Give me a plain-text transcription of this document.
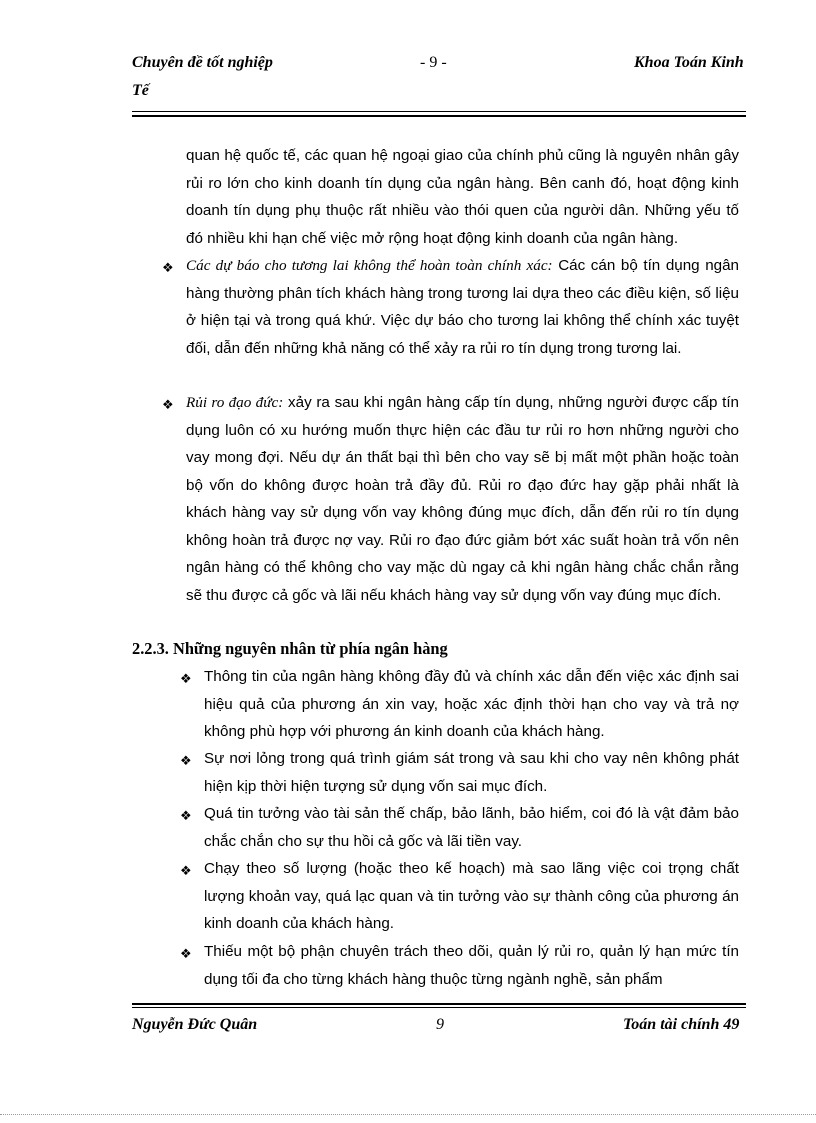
Chuyên đề tốt nghiệp	- 9 -	Khoa Toán Kinh
Tế
quan hệ quốc tế, các quan hệ ngoại giao của chính phủ cũng là nguyên nhân gây rủi ro lớn cho kinh doanh tín dụng của ngân hàng. Bên canh đó, hoạt động kinh doanh tín dụng phụ thuộc rất nhiều vào thói quen của người dân. Những yếu tố đó nhiều khi hạn chế việc mở rộng hoạt động kinh doanh của ngân hàng.
❖ Các dự báo cho tương lai không thể hoàn toàn chính xác: Các cán bộ tín dụng ngân hàng thường phân tích khách hàng trong tương lai dựa theo các điều kiện, số liệu ở hiện tại và trong quá khứ. Việc dự báo cho tương lai không thể chính xác tuyệt đối, dẫn đến những khả năng có thể xảy ra rủi ro tín dụng trong tương lai.
❖ Rủi ro đạo đức: xảy ra sau khi ngân hàng cấp tín dụng, những người được cấp tín dụng luôn có xu hướng muốn thực hiện các đầu tư rủi ro hơn những người cho vay mong đợi. Nếu dự án thất bại thì bên cho vay sẽ bị mất một phần hoặc toàn bộ vốn do không được hoàn trả đầy đủ. Rủi ro đạo đức hay gặp phải nhất là khách hàng vay sử dụng vốn vay không đúng mục đích, dẫn đến rủi ro tín dụng không hoàn trả được nợ vay. Rủi ro đạo đức giảm bớt xác suất hoàn trả vốn nên ngân hàng có thể không cho vay mặc dù ngay cả khi ngân hàng chắc chắn rằng sẽ thu được cả gốc và lãi nếu khách hàng vay sử dụng vốn vay đúng mục đích.
2.2.3. Những nguyên nhân từ phía ngân hàng
❖ Thông tin của ngân hàng không đầy đủ và chính xác dẫn đến việc xác định sai hiệu quả của phương án xin vay, hoặc xác định thời hạn cho vay và trả nợ không phù hợp với phương án kinh doanh của khách hàng.
❖ Sự nơi lỏng trong quá trình giám sát trong và sau khi cho vay nên không phát hiện kịp thời hiện tượng sử dụng vốn sai mục đích.
❖ Quá tin tưởng vào tài sản thế chấp, bảo lãnh, bảo hiểm, coi đó là vật đảm bảo chắc chắn cho sự thu hồi cả gốc và lãi tiền vay.
❖ Chạy theo số lượng (hoặc theo kế hoạch) mà sao lãng việc coi trọng chất lượng khoản vay, quá lạc quan và tin tưởng vào sự thành công của phương án kinh doanh của khách hàng.
❖ Thiếu một bộ phận chuyên trách theo dõi, quản lý rủi ro, quản lý hạn mức tín dụng tối đa cho từng khách hàng thuộc từng ngành nghề, sản phẩm
Nguyễn Đức Quân	9	Toán tài chính 49
